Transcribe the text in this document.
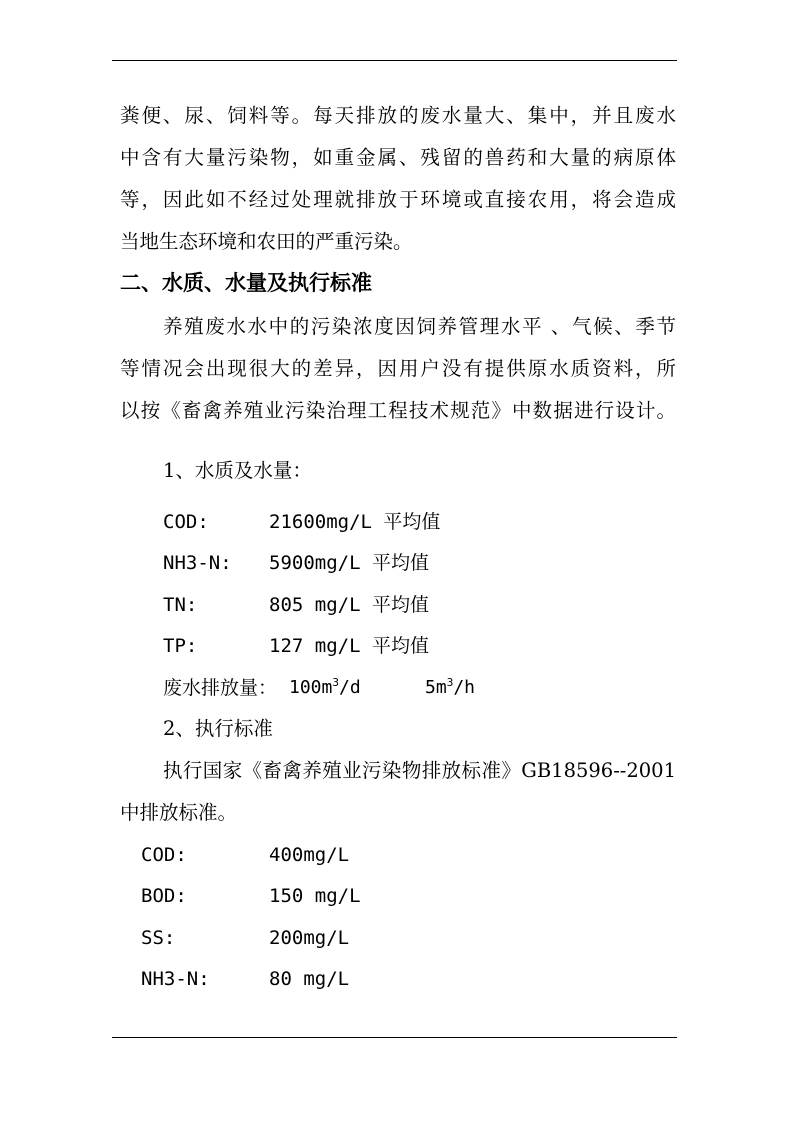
粪便、尿、饲料等。每天排放的废水量大、集中，并且废水
中含有大量污染物，如重金属、残留的兽药和大量的病原体
等，因此如不经过处理就排放于环境或直接农用，将会造成
当地生态环境和农田的严重污染。
二、水质、水量及执行标准
养殖废水水中的污染浓度因饲养管理水平 、气候、季节
等情况会出现很大的差异，因用户没有提供原水质资料，所
以按《畜禽养殖业污染治理工程技术规范》中数据进行设计。
1、水质及水量：
COD:	21600mg/L 平均值
NH3-N: 5900mg/L 平均值
TN:	805 mg/L 平均值
TP:	127 mg/L 平均值
废水排放量： $100m^3/d$	$5m^3/h$
2、执行标准
执行国家《畜禽养殖业污染物排放标准》GB18596--2001
中排放标准。
COD:	400mg/L
BOD:	150 mg/L
SS:	200mg/L
NH3-N:	80 mg/L
